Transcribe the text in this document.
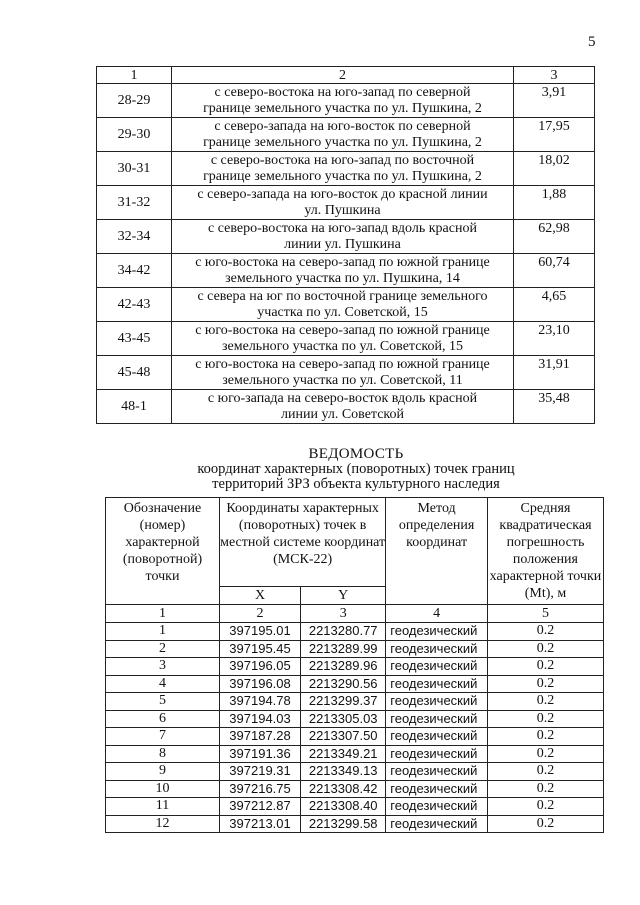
5
1	2	3
28-29	с северо-востока на юго-запад по северной
границе земельного участка по ул. Пушкина, 2	3,91
29-30	с северо-запада на юго-восток по северной
границе земельного участка по ул. Пушкина, 2	17,95
30-31	с северо-востока на юго-запад по восточной
границе земельного участка по ул. Пушкина, 2	18,02
31-32	с северо-запада на юго-восток до красной линии
ул. Пушкина	1,88
32-34	с северо-востока на юго-запад вдоль красной
линии ул. Пушкина	62,98
34-42	с юго-востока на северо-запад по южной границе
земельного участка по ул. Пушкина, 14	60,74
42-43	с севера на юг по восточной границе земельного
участка по ул. Советской, 15	4,65
43-45	с юго-востока на северо-запад по южной границе
земельного участка по ул. Советской, 15	23,10
45-48	с юго-востока на северо-запад по южной границе
земельного участка по ул. Советской, 11	31,91
48-1	с юго-запада на северо-восток вдоль красной
линии ул. Советской	35,48
ВЕДОМОСТЬ
координат характерных (поворотных) точек границ
территорий ЗРЗ объекта культурного наследия
Обозначение (номер) характерной (поворотной) точки	Координаты характерных (поворотных) точек в местной системе координат (МСК-22)		Метод определения координат	Средняя квадратическая погрешность положения характерной точки (Mt), м
	X	Y		
1	2	3	4	5
1	397195.01	2213280.77	геодезический	0.2
2	397195.45	2213289.99	геодезический	0.2
3	397196.05	2213289.96	геодезический	0.2
4	397196.08	2213290.56	геодезический	0.2
5	397194.78	2213299.37	геодезический	0.2
6	397194.03	2213305.03	геодезический	0.2
7	397187.28	2213307.50	геодезический	0.2
8	397191.36	2213349.21	геодезический	0.2
9	397219.31	2213349.13	геодезический	0.2
10	397216.75	2213308.42	геодезический	0.2
11	397212.87	2213308.40	геодезический	0.2
12	397213.01	2213299.58	геодезический	0.2
